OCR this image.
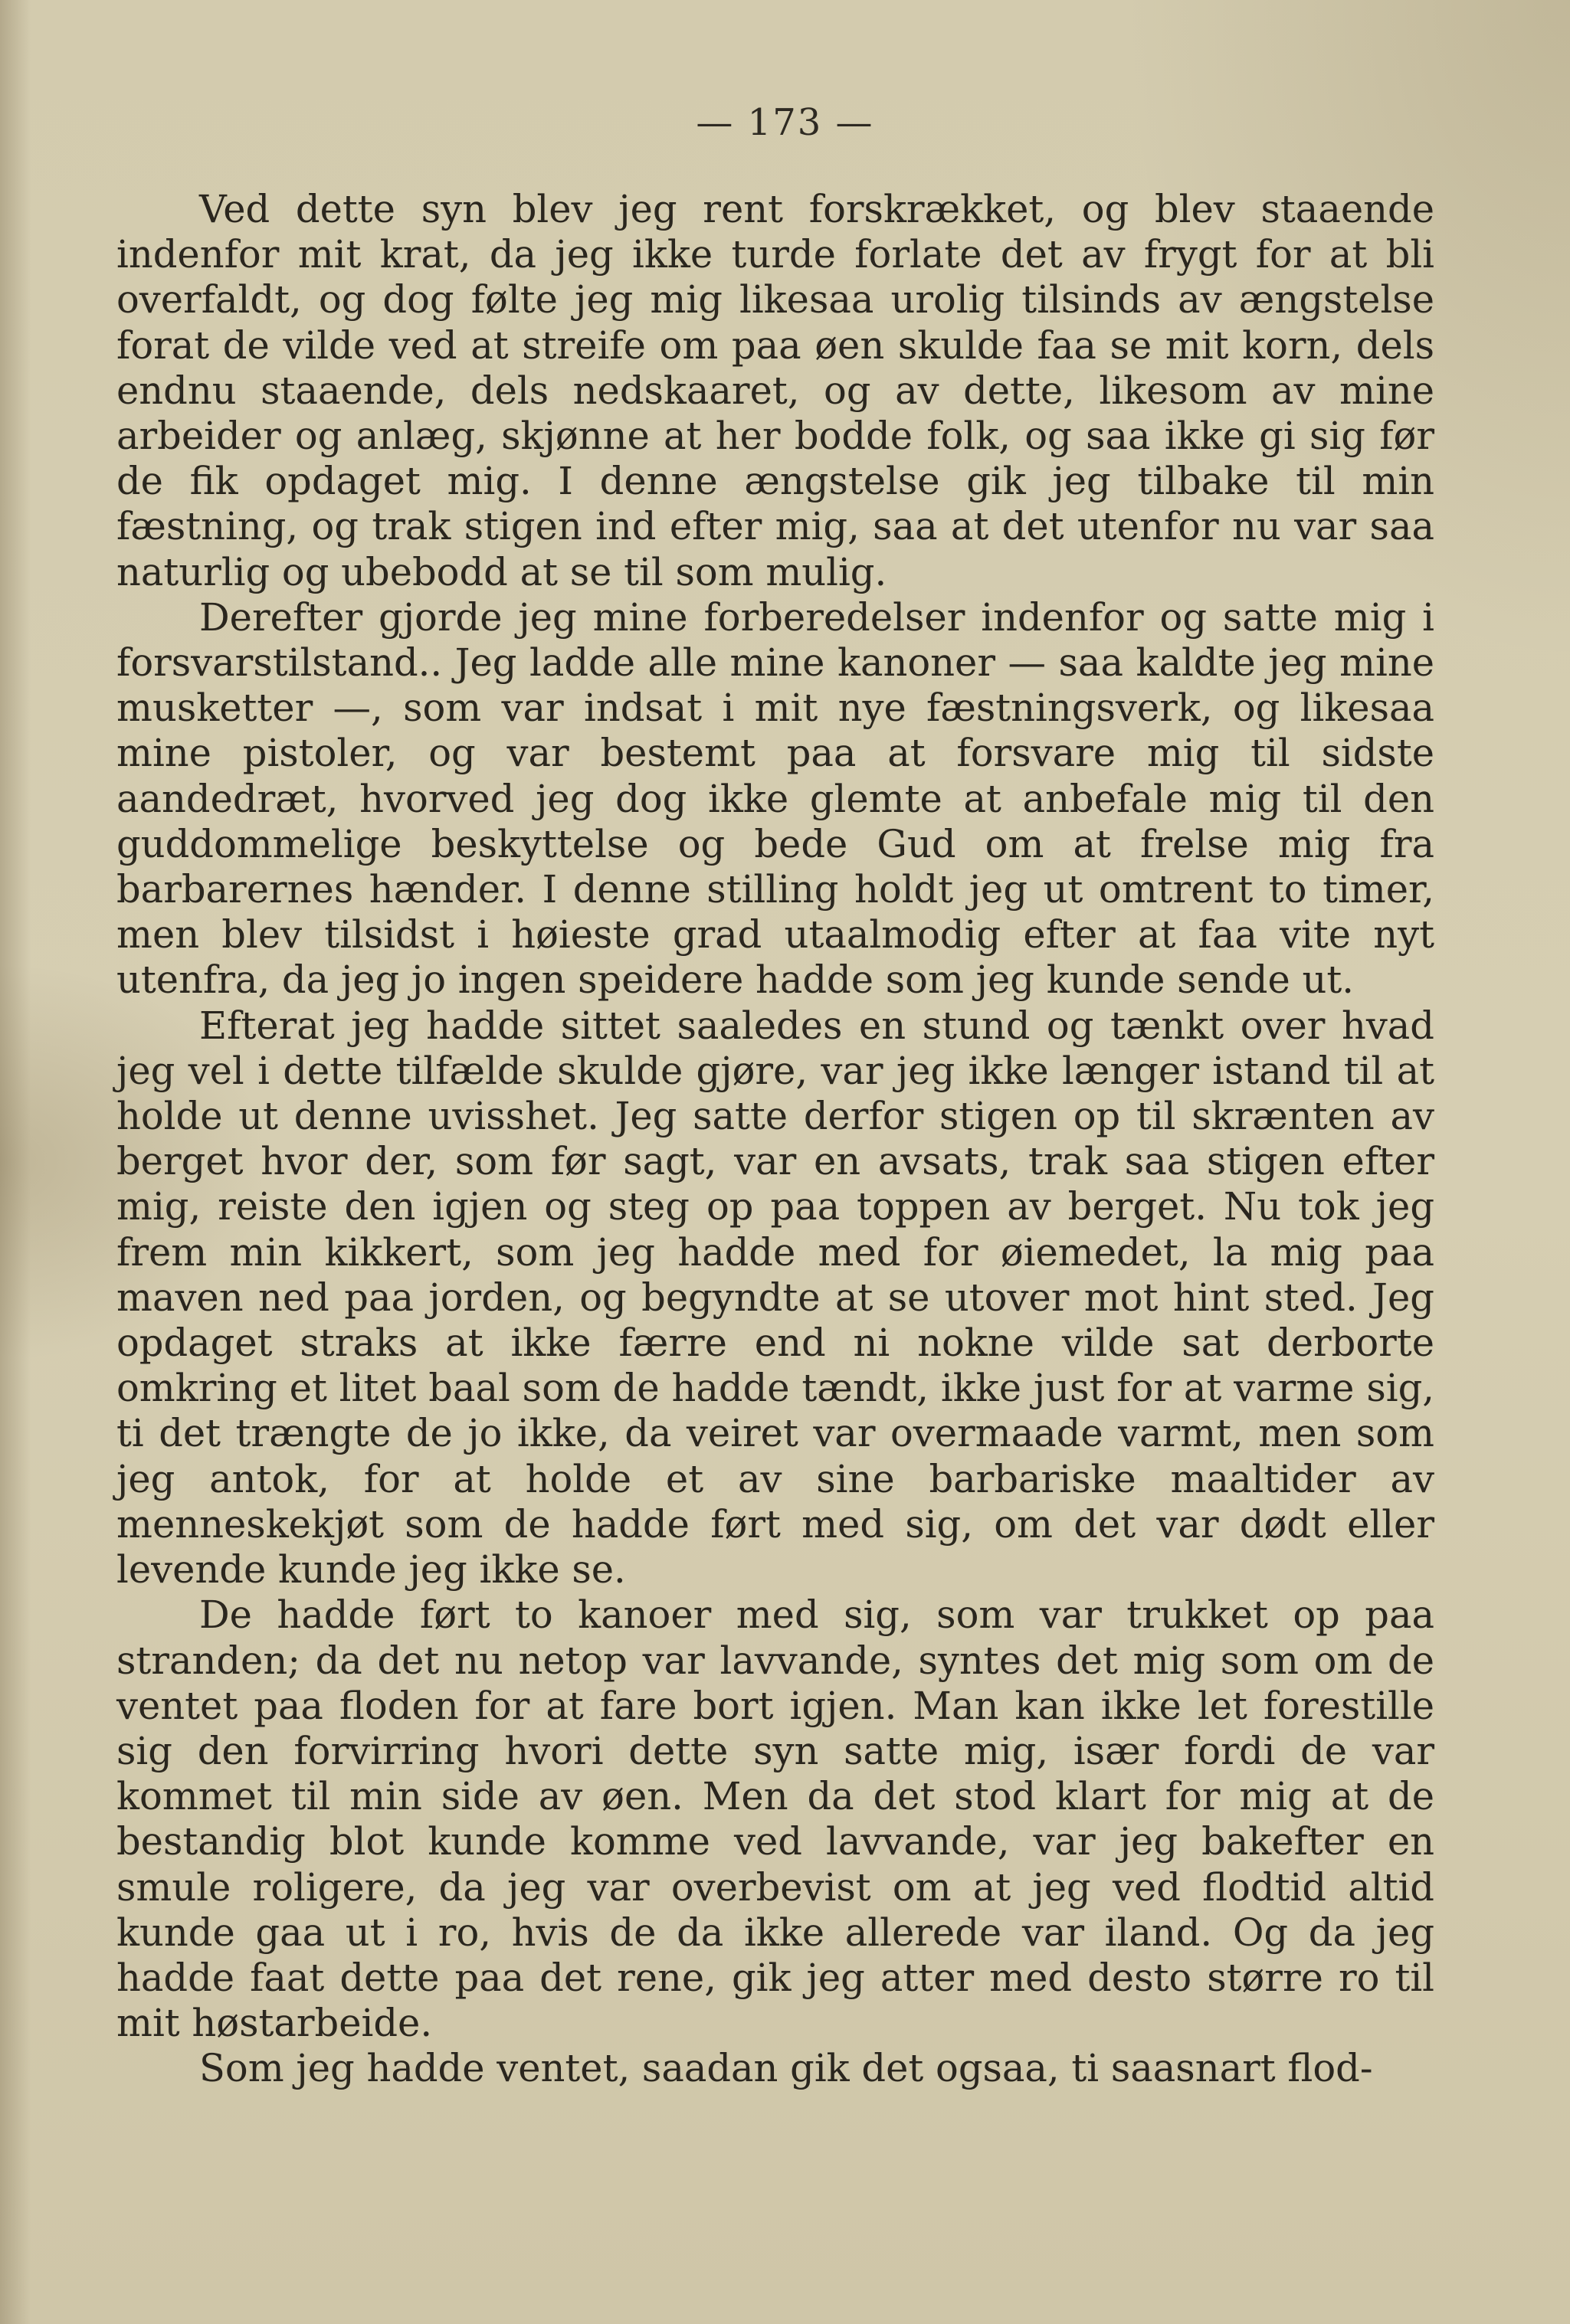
— 173 —

Ved dette syn blev jeg rent forskrækket, og blev staaende indenfor mit krat, da jeg ikke turde forlate det av frygt for at bli overfaldt, og dog følte jeg mig likesaa urolig tilsinds av ængstelse forat de vilde ved at streife om paa øen skulde faa se mit korn, dels endnu staaende, dels nedskaaret, og av dette, likesom av mine arbeider og anlæg, skjønne at her bodde folk, og saa ikke gi sig før de fik opdaget mig. I denne ængstelse gik jeg tilbake til min fæstning, og trak stigen ind efter mig, saa at det utenfor nu var saa naturlig og ubebodd at se til som mulig.

Derefter gjorde jeg mine forberedelser indenfor og satte mig i forsvarstilstand.. Jeg ladde alle mine kanoner — saa kaldte jeg mine musketter —, som var indsat i mit nye fæstningsverk, og likesaa mine pistoler, og var bestemt paa at forsvare mig til sidste aandedræt, hvorved jeg dog ikke glemte at anbefale mig til den guddommelige beskyttelse og bede Gud om at frelse mig fra barbarernes hænder. I denne stilling holdt jeg ut omtrent to timer, men blev tilsidst i høieste grad utaalmodig efter at faa vite nyt utenfra, da jeg jo ingen speidere hadde som jeg kunde sende ut.

Efterat jeg hadde sittet saaledes en stund og tænkt over hvad jeg vel i dette tilfælde skulde gjøre, var jeg ikke længer istand til at holde ut denne uvisshet. Jeg satte derfor stigen op til skrænten av berget hvor der, som før sagt, var en avsats, trak saa stigen efter mig, reiste den igjen og steg op paa toppen av berget. Nu tok jeg frem min kikkert, som jeg hadde med for øiemedet, la mig paa maven ned paa jorden, og begyndte at se utover mot hint sted. Jeg opdaget straks at ikke færre end ni nokne vilde sat derborte omkring et litet baal som de hadde tændt, ikke just for at varme sig, ti det trængte de jo ikke, da veiret var overmaade varmt, men som jeg antok, for at holde et av sine barbariske maaltider av menneskekjøt som de hadde ført med sig, om det var dødt eller levende kunde jeg ikke se.

De hadde ført to kanoer med sig, som var trukket op paa stranden; da det nu netop var lavvande, syntes det mig som om de ventet paa floden for at fare bort igjen. Man kan ikke let forestille sig den forvirring hvori dette syn satte mig, især fordi de var kommet til min side av øen. Men da det stod klart for mig at de bestandig blot kunde komme ved lavvande, var jeg bakefter en smule roligere, da jeg var overbevist om at jeg ved flodtid altid kunde gaa ut i ro, hvis de da ikke allerede var iland. Og da jeg hadde faat dette paa det rene, gik jeg atter med desto større ro til mit høstarbeide.

Som jeg hadde ventet, saadan gik det ogsaa, ti saasnart flod-
